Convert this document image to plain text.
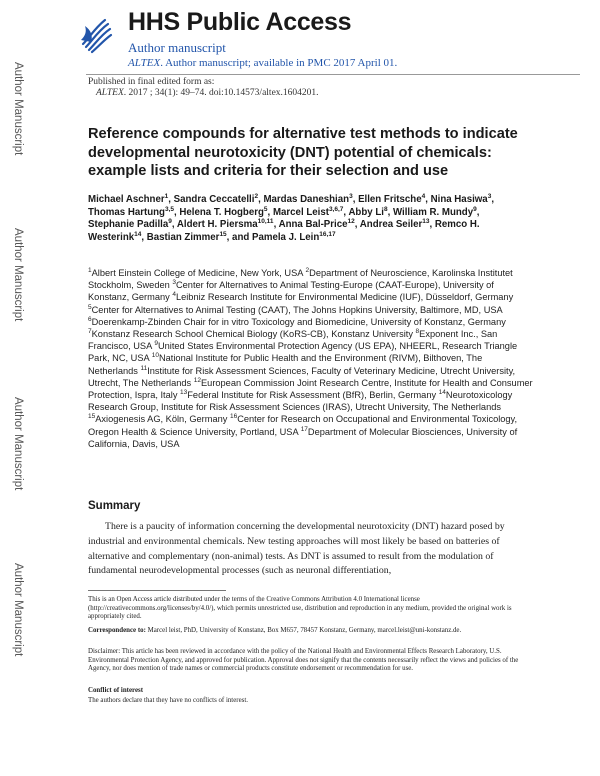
Author Manuscript
Author Manuscript
Author Manuscript
Author Manuscript
HHS Public Access
Author manuscript
ALTEX. Author manuscript; available in PMC 2017 April 01.
Published in final edited form as:
ALTEX. 2017 ; 34(1): 49–74. doi:10.14573/altex.1604201.
Reference compounds for alternative test methods to indicate developmental neurotoxicity (DNT) potential of chemicals: example lists and criteria for their selection and use
Michael Aschner$^1$, Sandra Ceccatelli$^2$, Mardas Daneshian$^3$, Ellen Fritsche$^4$, Nina Hasiwa$^3$, Thomas Hartung$^{3,5}$, Helena T. Hogberg$^5$, Marcel Leist$^{3,6,7}$, Abby Li$^8$, William R. Mundy$^9$, Stephanie Padilla$^9$, Aldert H. Piersma$^{10,11}$, Anna Bal-Price$^{12}$, Andrea Seiler$^{13}$, Remco H. Westerink$^{14}$, Bastian Zimmer$^{15}$, and Pamela J. Lein$^{16,17}$
$^1$Albert Einstein College of Medicine, New York, USA $^2$Department of Neuroscience, Karolinska Institutet Stockholm, Sweden $^3$Center for Alternatives to Animal Testing-Europe (CAAT-Europe), University of Konstanz, Germany $^4$Leibniz Research Institute for Environmental Medicine (IUF), Düsseldorf, Germany $^5$Center for Alternatives to Animal Testing (CAAT), The Johns Hopkins University, Baltimore, MD, USA $^6$Doerenkamp-Zbinden Chair for in vitro Toxicology and Biomedicine, University of Konstanz, Germany $^7$Konstanz Research School Chemical Biology (KoRS-CB), Konstanz University $^8$Exponent Inc., San Francisco, USA $^9$United States Environmental Protection Agency (US EPA), NHEERL, Research Triangle Park, NC, USA $^{10}$National Institute for Public Health and the Environment (RIVM), Bilthoven, The Netherlands $^{11}$Institute for Risk Assessment Sciences, Faculty of Veterinary Medicine, Utrecht University, Utrecht, The Netherlands $^{12}$European Commission Joint Research Centre, Institute for Health and Consumer Protection, Ispra, Italy $^{13}$Federal Institute for Risk Assessment (BfR), Berlin, Germany $^{14}$Neurotoxicology Research Group, Institute for Risk Assessment Sciences (IRAS), Utrecht University, The Netherlands $^{15}$Axiogenesis AG, Köln, Germany $^{16}$Center for Research on Occupational and Environmental Toxicology, Oregon Health & Science University, Portland, USA $^{17}$Department of Molecular Biosciences, University of California, Davis, USA
Summary

There is a paucity of information concerning the developmental neurotoxicity (DNT) hazard posed by industrial and environmental chemicals. New testing approaches will most likely be based on batteries of alternative and complementary (non-animal) tests. As DNT is assumed to result from the modulation of fundamental neurodevelopmental processes (such as neuronal differentiation,

This is an Open Access article distributed under the terms of the Creative Commons Attribution 4.0 International license (http://creativecommons.org/licenses/by/4.0/), which permits unrestricted use, distribution and reproduction in any medium, provided the original work is appropriately cited.

Correspondence to: Marcel leist, PhD, University of Konstanz, Box M657, 78457 Konstanz, Germany, marcel.leist@uni-konstanz.de.

Disclaimer: This article has been reviewed in accordance with the policy of the National Health and Environmental Effects Research Laboratory, U.S. Environmental Protection Agency, and approved for publication. Approval does not signify that the contents necessarily reflect the views and policies of the Agency, nor does mention of trade names or commercial products constitute endorsement or recommendation for use.

Conflict of interest

The authors declare that they have no conflicts of interest.
